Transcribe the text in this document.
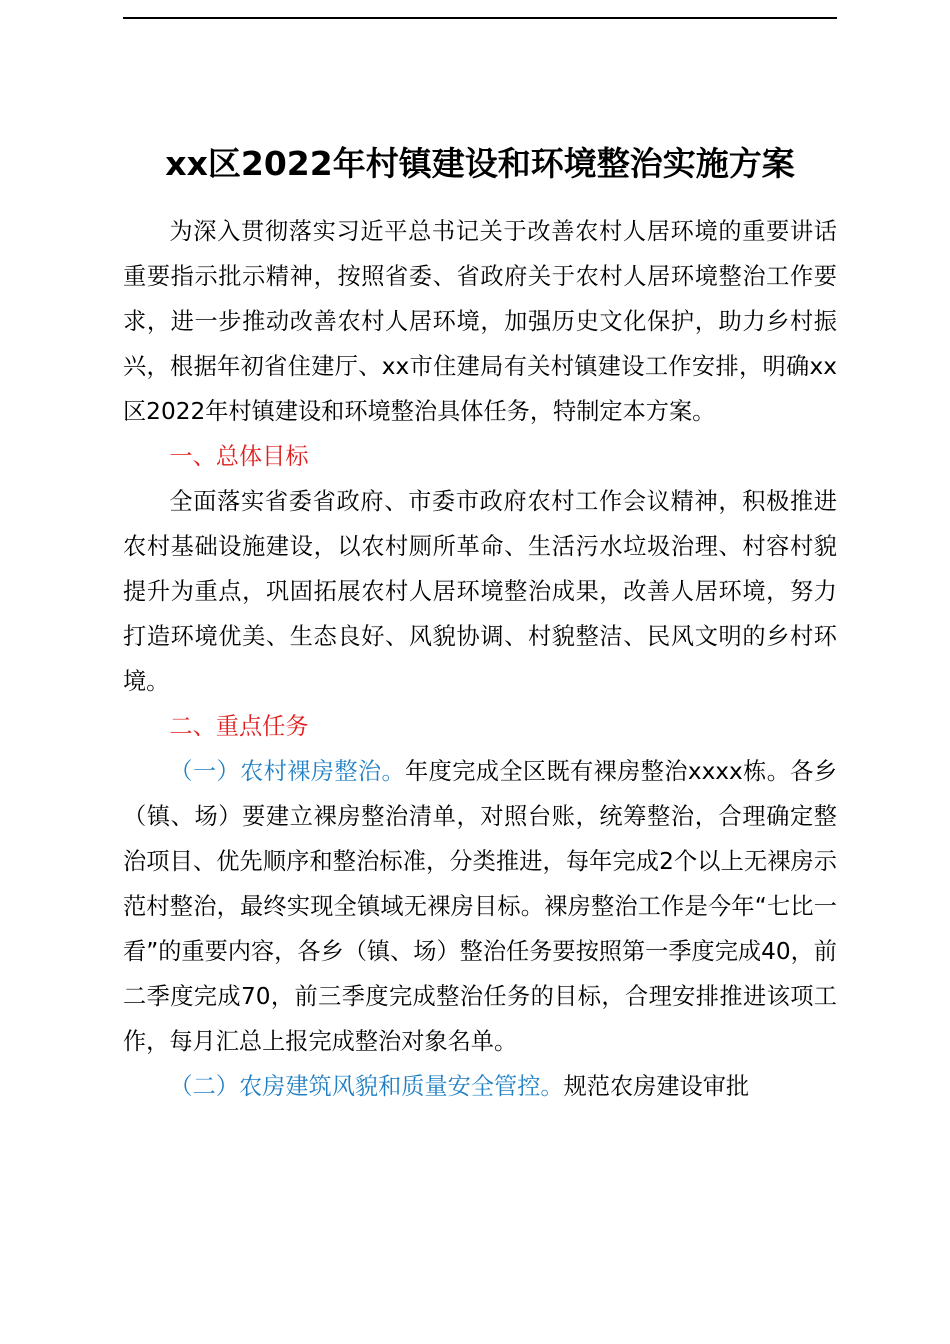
xx区2022年村镇建设和环境整治实施方案

为深入贯彻落实习近平总书记关于改善农村人居环境的重要讲话重要指示批示精神，按照省委、省政府关于农村人居环境整治工作要求，进一步推动改善农村人居环境，加强历史文化保护，助力乡村振兴，根据年初省住建厅、xx市住建局有关村镇建设工作安排，明确xx区2022年村镇建设和环境整治具体任务，特制定本方案。

一、总体目标

全面落实省委省政府、市委市政府农村工作会议精神，积极推进农村基础设施建设，以农村厕所革命、生活污水垃圾治理、村容村貌提升为重点，巩固拓展农村人居环境整治成果，改善人居环境，努力打造环境优美、生态良好、风貌协调、村貌整洁、民风文明的乡村环境。

二、重点任务

（一）农村裸房整治。年度完成全区既有裸房整治xxxx栋。各乡（镇、场）要建立裸房整治清单，对照台账，统筹整治，合理确定整治项目、优先顺序和整治标准，分类推进，每年完成2个以上无裸房示范村整治，最终实现全镇域无裸房目标。裸房整治工作是今年“七比一看”的重要内容，各乡（镇、场）整治任务要按照第一季度完成40，前二季度完成70，前三季度完成整治任务的目标，合理安排推进该项工作，每月汇总上报完成整治对象名单。

（二）农房建筑风貌和质量安全管控。规范农房建设审批
